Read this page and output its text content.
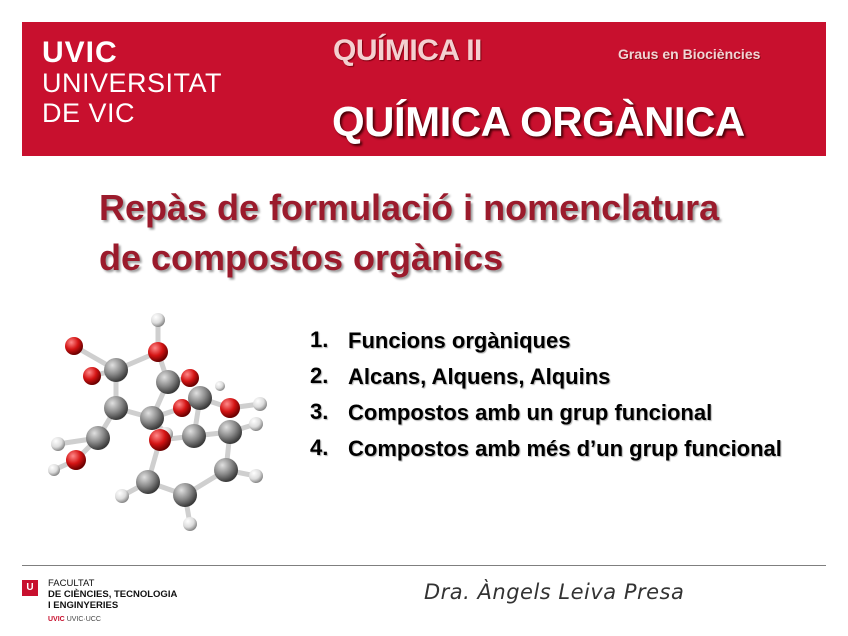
UVIC
UNIVERSITAT
DE VIC
QUÍMICA II	Graus en Biociències
QUÍMICA ORGÀNICA
Repàs de formulació i nomenclatura
de compostos orgànics
1. Funcions orgàniques
2. Alcans, Alquens, Alquins
3. Compostos amb un grup funcional
4. Compostos amb més d’un grup funcional
U	FACULTAT
DE CIÈNCIES, TECNOLOGIA
I ENGINYERIES
UVIC UVIC·UCC
Dra. Àngels Leiva Presa
